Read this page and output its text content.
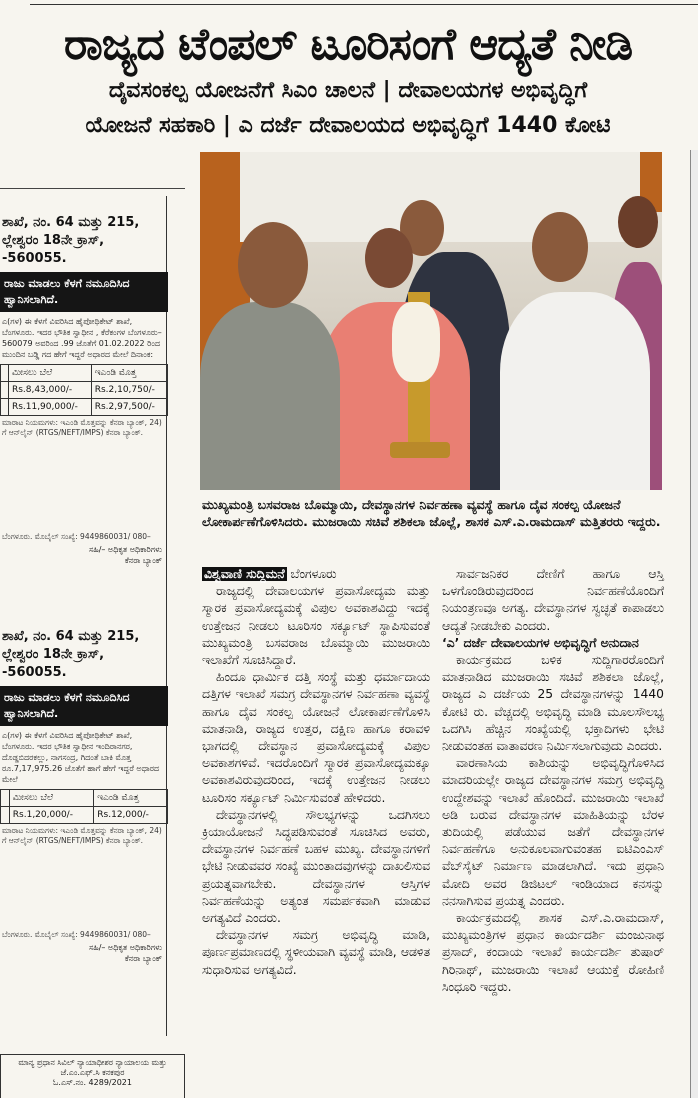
ರಾಜ್ಯದ ಟೆಂಪಲ್ ಟೂರಿಸಂಗೆ ಆದ್ಯತೆ ನೀಡಿ
ದೈವಸಂಕಲ್ಪ ಯೋಜನೆಗೆ ಸಿಎಂ ಚಾಲನೆ | ದೇವಾಲಯಗಳ ಅಭಿವೃದ್ಧಿಗೆ
ಯೋಜನೆ ಸಹಕಾರಿ | ಎ ದರ್ಜೆ ದೇವಾಲಯದ ಅಭಿವೃದ್ಧಿಗೆ 1440 ಕೋಟಿ
ಶಾಖೆ, ನಂ. 64 ಮತ್ತು 215,
ಲ್ಲೇಶ್ವರಂ 18ನೇ ಕ್ರಾಸ್,
-560055.
ರಾಜು ಮಾಡಲು ಕೆಳಗೆ ನಮೂದಿಸಿದ
ಹ್ವಾನಿಸಲಾಗಿದೆ.
ಎ(ಗಳ) ಈ ಕೆಳಗೆ ವಿವರಿಸಿದ ಹೈಪೋಥಿಕೇಟ್ ಶಾಖೆ, ಬೆಂಗಳೂರು. ಇದರ ಭೌತಿಕ ಸ್ವಾಧೀನ , ಕೆರೆಕಂಗಳ ಬೆಂಗಳೂರು–560079 ಅವರಿಂದ .99 ಜೊತೆಗೆ 01.02.2022 ರಿಂದ ಮುಂದಿನ ಬಡ್ಡಿ ಗದ ಹೇಗೆ ಇದ್ದರೆ ಅಧಾರದ ಮೇಲೆ ದಿನಾಂಕ:
	ಮೀಸಲು ಬೆಲೆ	ಇಎಂಡಿ ಮೊತ್ತ
	Rs.8,43,000/-	Rs.2,10,750/-
	Rs.11,90,000/-	Rs.2,97,500/-
ಮಾರಾಟ ನಿಯಮಗಳು: ಇಎಂಡಿ ಮೊತ್ತವನ್ನು ಕೆನರಾ ಬ್ಯಾಂಕ್, 24) ಗೆ ಆನ್‌ಲೈನ್ (RTGS/NEFT/IMPS) ಕೆನರಾ ಬ್ಯಾಂಕ್.
ಬೆಂಗಳೂರು. ಮೊಬೈಲ್ ಸಂಖ್ಯೆ: 9449860031/ 080–
ಸಹಿ/– ಅಧಿಕೃತ ಅಧಿಕಾರಿಗಳು
ಕೆನರಾ ಬ್ಯಾಂಕ್
ಶಾಖೆ, ನಂ. 64 ಮತ್ತು 215,
ಲ್ಲೇಶ್ವರಂ 18ನೇ ಕ್ರಾಸ್,
-560055.
ರಾಜು ಮಾಡಲು ಕೆಳಗೆ ನಮೂದಿಸಿದ
ಹ್ವಾನಿಸಲಾಗಿದೆ.
ಎ(ಗಳ) ಈ ಕೆಳಗೆ ವಿವರಿಸಿದ ಹೈಪೋಥಿಕೇಟ್ ಶಾಖೆ, ಬೆಂಗಳೂರು. ಇದರ ಭೌತಿಕ ಸ್ವಾಧೀನ ಇಂದಿರಾನಗರ, ದೊಡ್ಡಬಿದರಕಲ್ಲು, ನಾಗಸಂದ್ರ, ಗಿದಂತೆ ಬಾಕಿ ಮೊತ್ತ ರೂ.7,17,975.26 ಜೊತೆಗೆ ಹಾಗೆ ಹೇಗೆ ಇದ್ದರೆ ಅಧಾರದ ಮೇಲೆ
	ಮೀಸಲು ಬೆಲೆ	ಇಎಂಡಿ ಮೊತ್ತ
	Rs.1,20,000/-	Rs.12,000/-
ಮಾರಾಟ ನಿಯಮಗಳು: ಇಎಂಡಿ ಮೊತ್ತವನ್ನು ಕೆನರಾ ಬ್ಯಾಂಕ್, 24) ಗೆ ಆನ್‌ಲೈನ್ (RTGS/NEFT/IMPS) ಕೆನರಾ ಬ್ಯಾಂಕ್.
ಬೆಂಗಳೂರು. ಮೊಬೈಲ್ ಸಂಖ್ಯೆ: 9449860031/ 080–
ಸಹಿ/– ಅಧಿಕೃತ ಅಧಿಕಾರಿಗಳು
ಕೆನರಾ ಬ್ಯಾಂಕ್
ಮಾನ್ಯ ಪ್ರಧಾನ ಸಿವಿಲ್ ನ್ಯಾಯಾಧೀಶರ ನ್ಯಾಯಾಲಯ ಮತ್ತು
ಜೆ.ಎಂ.ಎಫ್.ಸಿ ಕನಕಪುರ
ಓ.ಎಸ್.ನಂ. 4289/2021
ಮುಖ್ಯಮಂತ್ರಿ ಬಸವರಾಜ ಬೊಮ್ಮಾಯಿ, ದೇವಸ್ಥಾನಗಳ ನಿರ್ವಹಣಾ ವ್ಯವಸ್ಥೆ ಹಾಗೂ ದೈವ ಸಂಕಲ್ಪ ಯೋಜನೆ ಲೋಕಾರ್ಪಣೆಗೊಳಿಸಿದರು. ಮುಜರಾಯಿ ಸಚಿವೆ ಶಶಿಕಲಾ ಜೊಲ್ಲೆ, ಶಾಸಕ ಎಸ್.ಎ.ರಾಮದಾಸ್ ಮತ್ತಿತರರು ಇದ್ದರು.

ವಿಶ್ವವಾಣಿ ಸುದ್ದಿಮನೆ ಬೆಂಗಳೂರು

ರಾಜ್ಯದಲ್ಲಿ ದೇವಾಲಯಗಳ ಪ್ರವಾಸೋದ್ಯಮ ಮತ್ತು ಸ್ಮಾರಕ ಪ್ರವಾಸೋದ್ಯಮಕ್ಕೆ ವಿಪುಲ ಅವಕಾಶವಿದ್ದು ಇದಕ್ಕೆ ಉತ್ತೇಜನ ನೀಡಲು ಟೂರಿಸಂ ಸರ್ಕ್ಯೂಟ್ ಸ್ಥಾಪಿಸುವಂತೆ ಮುಖ್ಯಮಂತ್ರಿ ಬಸವರಾಜ ಬೊಮ್ಮಾಯಿ ಮುಜರಾಯಿ ಇಲಾಖೆಗೆ ಸೂಚಿಸಿದ್ದಾರೆ.

ಹಿಂದೂ ಧಾರ್ಮಿಕ ದತ್ತಿ ಸಂಸ್ಥೆ ಮತ್ತು ಧರ್ಮಾದಾಯ ದತ್ತಿಗಳ ಇಲಾಖೆ ಸಮಗ್ರ ದೇವಸ್ಥಾನಗಳ ನಿರ್ವಹಣಾ ವ್ಯವಸ್ಥೆ ಹಾಗೂ ದೈವ ಸಂಕಲ್ಪ ಯೋಜನೆ ಲೋಕಾರ್ಪಣೆಗೊಳಿಸಿ ಮಾತನಾಡಿ, ರಾಜ್ಯದ ಉತ್ತರ, ದಕ್ಷಿಣ ಹಾಗೂ ಕರಾವಳಿ ಭಾಗದಲ್ಲಿ ದೇವಸ್ಥಾನ ಪ್ರವಾಸೋದ್ಯಮಕ್ಕೆ ವಿಪುಲ ಅವಕಾಶಗಳಿವೆ. ಇದರೊಂದಿಗೆ ಸ್ಮಾರಕ ಪ್ರವಾಸೋದ್ಯಮಕ್ಕೂ ಅವಕಾಶವಿರುವುದರಿಂದ, ಇದಕ್ಕೆ ಉತ್ತೇಜನ ನೀಡಲು ಟೂರಿಸಂ ಸರ್ಕ್ಯೂಟ್ ನಿರ್ಮಿಸುವಂತೆ ಹೇಳಿದರು.

ದೇವಸ್ಥಾನಗಳಲ್ಲಿ ಸೌಲಭ್ಯಗಳನ್ನು ಒದಗಿಸಲು ಕ್ರಿಯಾಯೋಜನೆ ಸಿದ್ಧಪಡಿಸುವಂತೆ ಸೂಚಿಸಿದ ಅವರು, ದೇವಸ್ಥಾನಗಳ ನಿರ್ವಹಣೆ ಬಹಳ ಮುಖ್ಯ. ದೇವಸ್ಥಾನಗಳಿಗೆ ಭೇಟಿ ನೀಡುವವರ ಸಂಖ್ಯೆ ಮುಂತಾದವುಗಳನ್ನು ದಾಖಲಿಸುವ ಪ್ರಯತ್ನವಾಗಬೇಕು. ದೇವಸ್ಥಾನಗಳ ಆಸ್ತಿಗಳ ನಿರ್ವಹಣೆಯನ್ನು ಅತ್ಯಂತ ಸಮರ್ಪಕವಾಗಿ ಮಾಡುವ ಅಗತ್ಯವಿದೆ ಎಂದರು.

ದೇವಸ್ಥಾನಗಳ ಸಮಗ್ರ ಅಭಿವೃದ್ಧಿ ಮಾಡಿ, ಪೂರ್ಣಪ್ರಮಾಣದಲ್ಲಿ ಸ್ಥಳೀಯವಾಗಿ ವ್ಯವಸ್ಥೆ ಮಾಡಿ, ಆಡಳಿತ ಸುಧಾರಿಸುವ ಅಗತ್ಯವಿದೆ.

ಸಾರ್ವಜನಿಕರ ದೇಣಿಗೆ ಹಾಗೂ ಆಸ್ತಿ ಒಳಗೊಂಡಿರುವುದರಿಂದ ನಿರ್ವಹಣೆಯೊಂದಿಗೆ ನಿಯಂತ್ರಣವೂ ಅಗತ್ಯ. ದೇವಸ್ಥಾನಗಳ ಸ್ವಚ್ಛತೆ ಕಾಪಾಡಲು ಆದ್ಯತೆ ನೀಡಬೇಕು ಎಂದರು.

‘ಎ’ ದರ್ಜೆ ದೇವಾಲಯಗಳ ಅಭಿವೃದ್ಧಿಗೆ ಅನುದಾನ

ಕಾರ್ಯಕ್ರಮದ ಬಳಿಕ ಸುದ್ದಿಗಾರರೊಂದಿಗೆ ಮಾತನಾಡಿದ ಮುಜರಾಯಿ ಸಚಿವೆ ಶಶಿಕಲಾ ಜೊಲ್ಲೆ, ರಾಜ್ಯದ ಎ ದರ್ಜೆಯ 25 ದೇವಸ್ಥಾನಗಳನ್ನು 1440 ಕೋಟಿ ರು. ವೆಚ್ಚದಲ್ಲಿ ಅಭಿವೃದ್ಧಿ ಮಾಡಿ ಮೂಲಸೌಲಭ್ಯ ಒದಗಿಸಿ ಹೆಚ್ಚಿನ ಸಂಖ್ಯೆಯಲ್ಲಿ ಭಕ್ತಾದಿಗಳು ಭೇಟಿ ನೀಡುವಂತಹ ವಾತಾವರಣ ನಿರ್ಮಿಸಲಾಗುವುದು ಎಂದರು.

ವಾರಣಾಸಿಯ ಕಾಶಿಯನ್ನು ಅಭಿವೃದ್ಧಿಗೊಳಿಸಿದ ಮಾದರಿಯಲ್ಲೇ ರಾಜ್ಯದ ದೇವಸ್ಥಾನಗಳ ಸಮಗ್ರ ಅಭಿವೃದ್ಧಿ ಉದ್ದೇಶವನ್ನು ಇಲಾಖೆ ಹೊಂದಿದೆ. ಮುಜರಾಯಿ ಇಲಾಖೆ ಅಡಿ ಬರುವ ದೇವಸ್ಥಾನಗಳ ಮಾಹಿತಿಯನ್ನು ಬೆರಳ ತುದಿಯಲ್ಲಿ ಪಡೆಯುವ ಜತೆಗೆ ದೇವಸ್ಥಾನಗಳ ನಿರ್ವಹಣೆಗೂ ಅನುಕೂಲವಾಗುವಂತಹ ಐಟಿಎಂಎಸ್ ವೆಬ್‌ಸೈಟ್ ನಿರ್ಮಾಣ ಮಾಡಲಾಗಿದೆ. ಇದು ಪ್ರಧಾನಿ ಮೋದಿ ಅವರ ಡಿಜಿಟಲ್ ಇಂಡಿಯಾದ ಕನಸನ್ನು ನನಸಾಗಿಸುವ ಪ್ರಯತ್ನ ಎಂದರು.

ಕಾರ್ಯಕ್ರಮದಲ್ಲಿ ಶಾಸಕ ಎಸ್.ಎ.ರಾಮದಾಸ್, ಮುಖ್ಯಮಂತ್ರಿಗಳ ಪ್ರಧಾನ ಕಾರ್ಯದರ್ಶಿ ಮಂಜುನಾಥ ಪ್ರಸಾದ್, ಕಂದಾಯ ಇಲಾಖೆ ಕಾರ್ಯದರ್ಶಿ ತುಷಾರ್ ಗಿರಿನಾಥ್, ಮುಜರಾಯಿ ಇಲಾಖೆ ಆಯುಕ್ತೆ ರೋಹಿಣಿ ಸಿಂಧೂರಿ ಇದ್ದರು.
